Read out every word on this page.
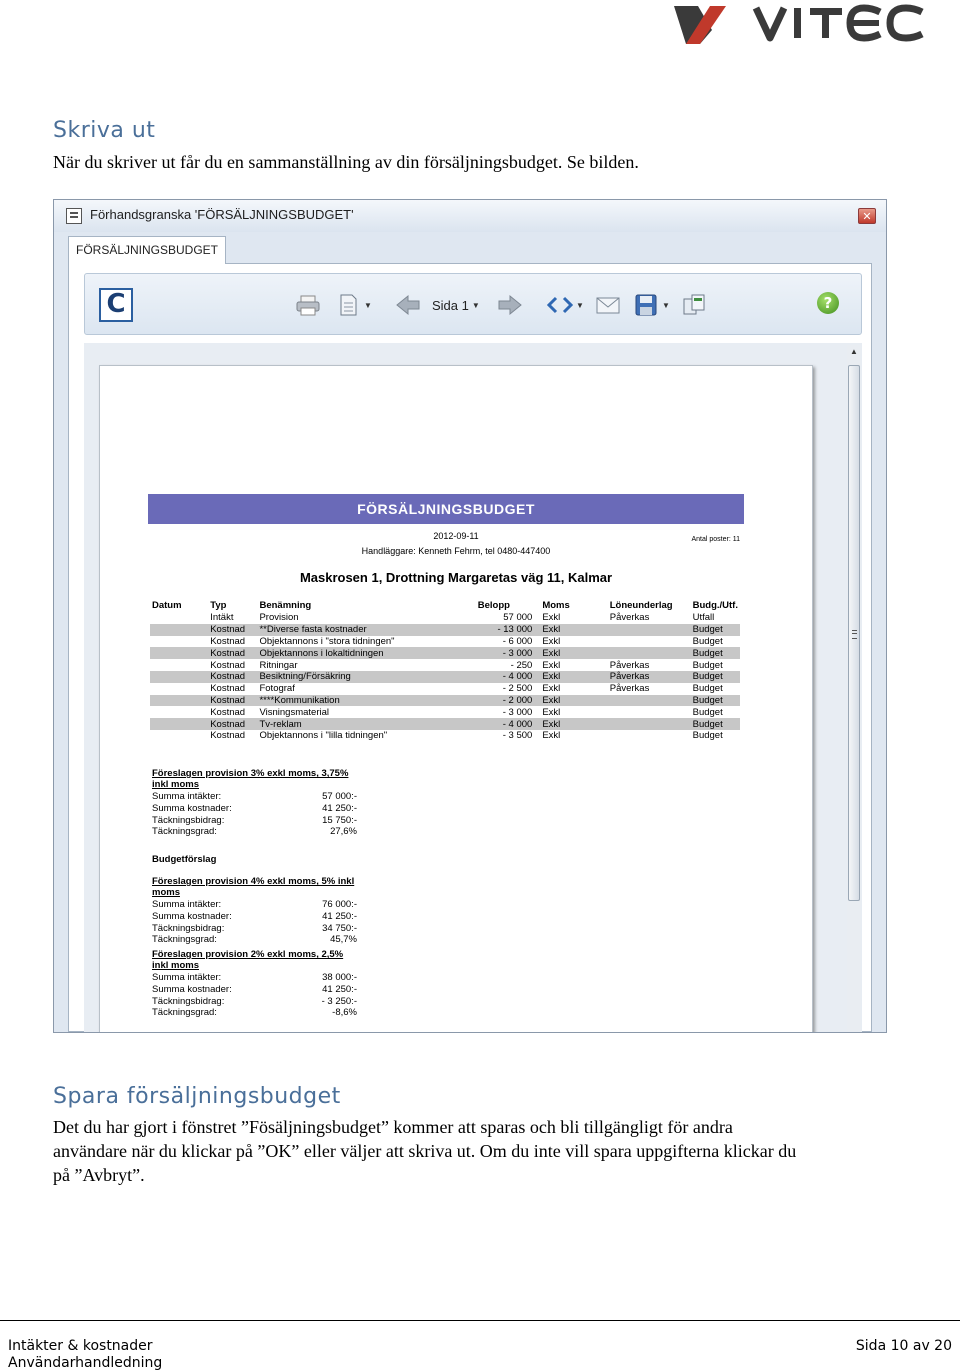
Skriva ut
När du skriver ut får du en sammanställning av din försäljningsbudget. Se bilden.
Förhandsgranska 'FÖRSÄLJNINGSBUDGET'	✕
FÖRSÄLJNINGSBUDGET
C	▼	Sida 1 ▼	▼	▼	?
▲
FÖRSÄLJNINGSBUDGET
2012-09-11
Handläggare: Kenneth Fehrm, tel 0480-447400
Antal poster: 11
Maskrosen 1, Drottning Margaretas väg 11, Kalmar
Datum	Typ	Benämning	Belopp	Moms	Löneunderlag	Budg./Utf.
	Intäkt	Provision	57 000	Exkl	Påverkas	Utfall
	Kostnad	**Diverse fasta kostnader	- 13 000	Exkl		Budget
	Kostnad	Objektannons i "stora tidningen"	- 6 000	Exkl		Budget
	Kostnad	Objektannons i lokaltidningen	- 3 000	Exkl		Budget
	Kostnad	Ritningar	- 250	Exkl	Påverkas	Budget
	Kostnad	Besiktning/Försäkring	- 4 000	Exkl	Påverkas	Budget
	Kostnad	Fotograf	- 2 500	Exkl	Påverkas	Budget
	Kostnad	****Kommunikation	- 2 000	Exkl		Budget
	Kostnad	Visningsmaterial	- 3 000	Exkl		Budget
	Kostnad	Tv-reklam	- 4 000	Exkl		Budget
	Kostnad	Objektannons i "lilla tidningen"	- 3 500	Exkl		Budget
Föreslagen provision 3% exkl moms, 3,75% inkl moms
Summa intäkter:	57 000:-
Summa kostnader:	41 250:-
Täckningsbidrag:	15 750:-
Täckningsgrad:	27,6%
Budgetförslag
Föreslagen provision 4% exkl moms, 5% inkl moms
Summa intäkter:	76 000:-
Summa kostnader:	41 250:-
Täckningsbidrag:	34 750:-
Täckningsgrad:	45,7%
Föreslagen provision 2% exkl moms, 2,5% inkl moms
Summa intäkter:	38 000:-
Summa kostnader:	41 250:-
Täckningsbidrag:	- 3 250:-
Täckningsgrad:	-8,6%
Spara försäljningsbudget
Det du har gjort i fönstret ”Fösäljningsbudget” kommer att sparas och bli tillgängligt för andra
användare när du klickar på ”OK” eller väljer att skriva ut. Om du inte vill spara uppgifterna klickar du
på ”Avbryt”.
Intäkter & kostnader
Användarhandledning
Sida 10 av 20
